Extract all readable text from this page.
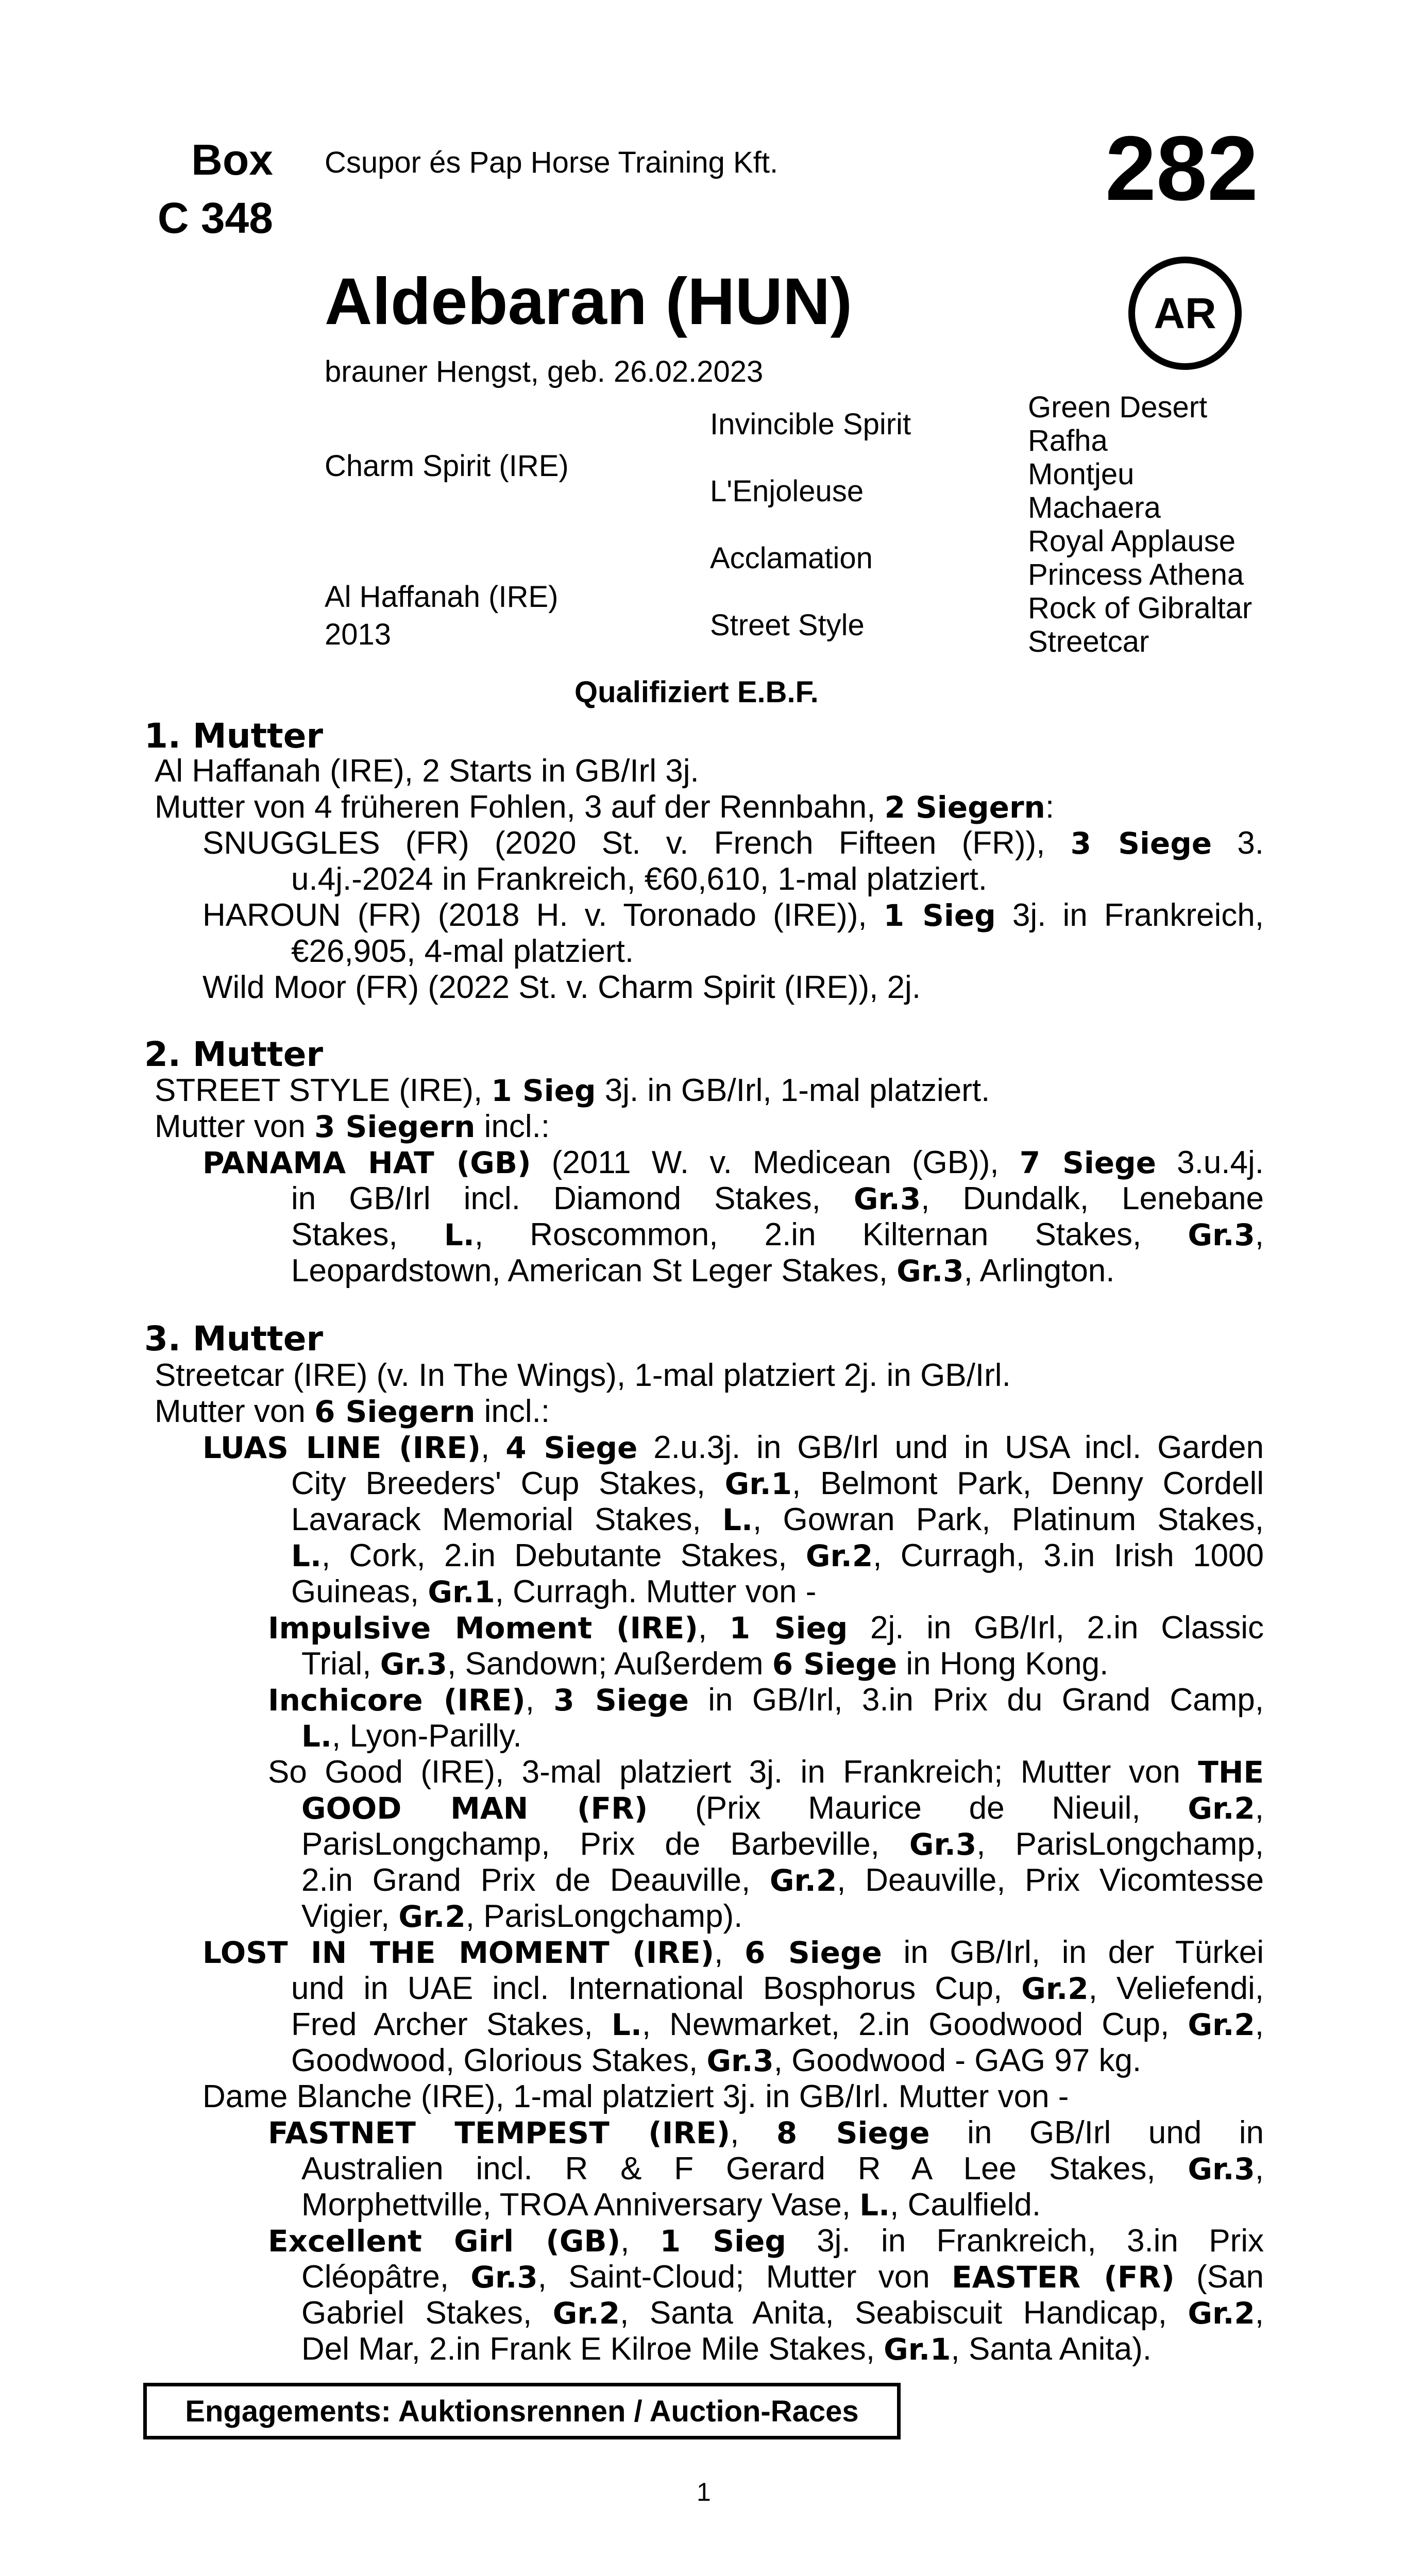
Box
C 348
Csupor és Pap Horse Training Kft.	282
AR
Aldebaran (HUN)
brauner Hengst, geb. 26.02.2023
Charm Spirit (IRE)
Al Haffanah (IRE)
2013
Invincible Spirit
L'Enjoleuse
Acclamation
Street Style
Green Desert
Rafha
Montjeu
Machaera
Royal Applause
Princess Athena
Rock of Gibraltar
Streetcar
Qualifiziert E.B.F.
1. Mutter

Al Haffanah (IRE), 2 Starts in GB/Irl 3j.

Mutter von 4 früheren Fohlen, 3 auf der Rennbahn, 2 Siegern:

SNUGGLES (FR) (2020 St. v. French Fifteen (FR)), 3 Siege 3.

u.4j.-2024 in Frankreich, €60,610, 1-mal platziert.

HAROUN (FR) (2018 H. v. Toronado (IRE)), 1 Sieg 3j. in Frankreich,

€26,905, 4-mal platziert.

Wild Moor (FR) (2022 St. v. Charm Spirit (IRE)), 2j.

2. Mutter

STREET STYLE (IRE), 1 Sieg 3j. in GB/Irl, 1-mal platziert.

Mutter von 3 Siegern incl.:

PANAMA HAT (GB) (2011 W. v. Medicean (GB)), 7 Siege 3.u.4j.

in GB/Irl incl. Diamond Stakes, Gr.3, Dundalk, Lenebane

Stakes, L., Roscommon, 2.in Kilternan Stakes, Gr.3,

Leopardstown, American St Leger Stakes, Gr.3, Arlington.

3. Mutter

Streetcar (IRE) (v. In The Wings), 1-mal platziert 2j. in GB/Irl.

Mutter von 6 Siegern incl.:

LUAS LINE (IRE), 4 Siege 2.u.3j. in GB/Irl und in USA incl. Garden

City Breeders' Cup Stakes, Gr.1, Belmont Park, Denny Cordell

Lavarack Memorial Stakes, L., Gowran Park, Platinum Stakes,

L., Cork, 2.in Debutante Stakes, Gr.2, Curragh, 3.in Irish 1000

Guineas, Gr.1, Curragh. Mutter von -

Impulsive Moment (IRE), 1 Sieg 2j. in GB/Irl, 2.in Classic

Trial, Gr.3, Sandown; Außerdem 6 Siege in Hong Kong.

Inchicore (IRE), 3 Siege in GB/Irl, 3.in Prix du Grand Camp,

L., Lyon-Parilly.

So Good (IRE), 3-mal platziert 3j. in Frankreich; Mutter von THE

GOOD MAN (FR) (Prix Maurice de Nieuil, Gr.2,

ParisLongchamp, Prix de Barbeville, Gr.3, ParisLongchamp,

2.in Grand Prix de Deauville, Gr.2, Deauville, Prix Vicomtesse

Vigier, Gr.2, ParisLongchamp).

LOST IN THE MOMENT (IRE), 6 Siege in GB/Irl, in der Türkei

und in UAE incl. International Bosphorus Cup, Gr.2, Veliefendi,

Fred Archer Stakes, L., Newmarket, 2.in Goodwood Cup, Gr.2,

Goodwood, Glorious Stakes, Gr.3, Goodwood - GAG 97 kg.

Dame Blanche (IRE), 1-mal platziert 3j. in GB/Irl. Mutter von -

FASTNET TEMPEST (IRE), 8 Siege in GB/Irl und in

Australien incl. R & F Gerard R A Lee Stakes, Gr.3,

Morphettville, TROA Anniversary Vase, L., Caulfield.

Excellent Girl (GB), 1 Sieg 3j. in Frankreich, 3.in Prix

Cléopâtre, Gr.3, Saint-Cloud; Mutter von EASTER (FR) (San

Gabriel Stakes, Gr.2, Santa Anita, Seabiscuit Handicap, Gr.2,

Del Mar, 2.in Frank E Kilroe Mile Stakes, Gr.1, Santa Anita).

Engagements: Auktionsrennen / Auction-Races
1
